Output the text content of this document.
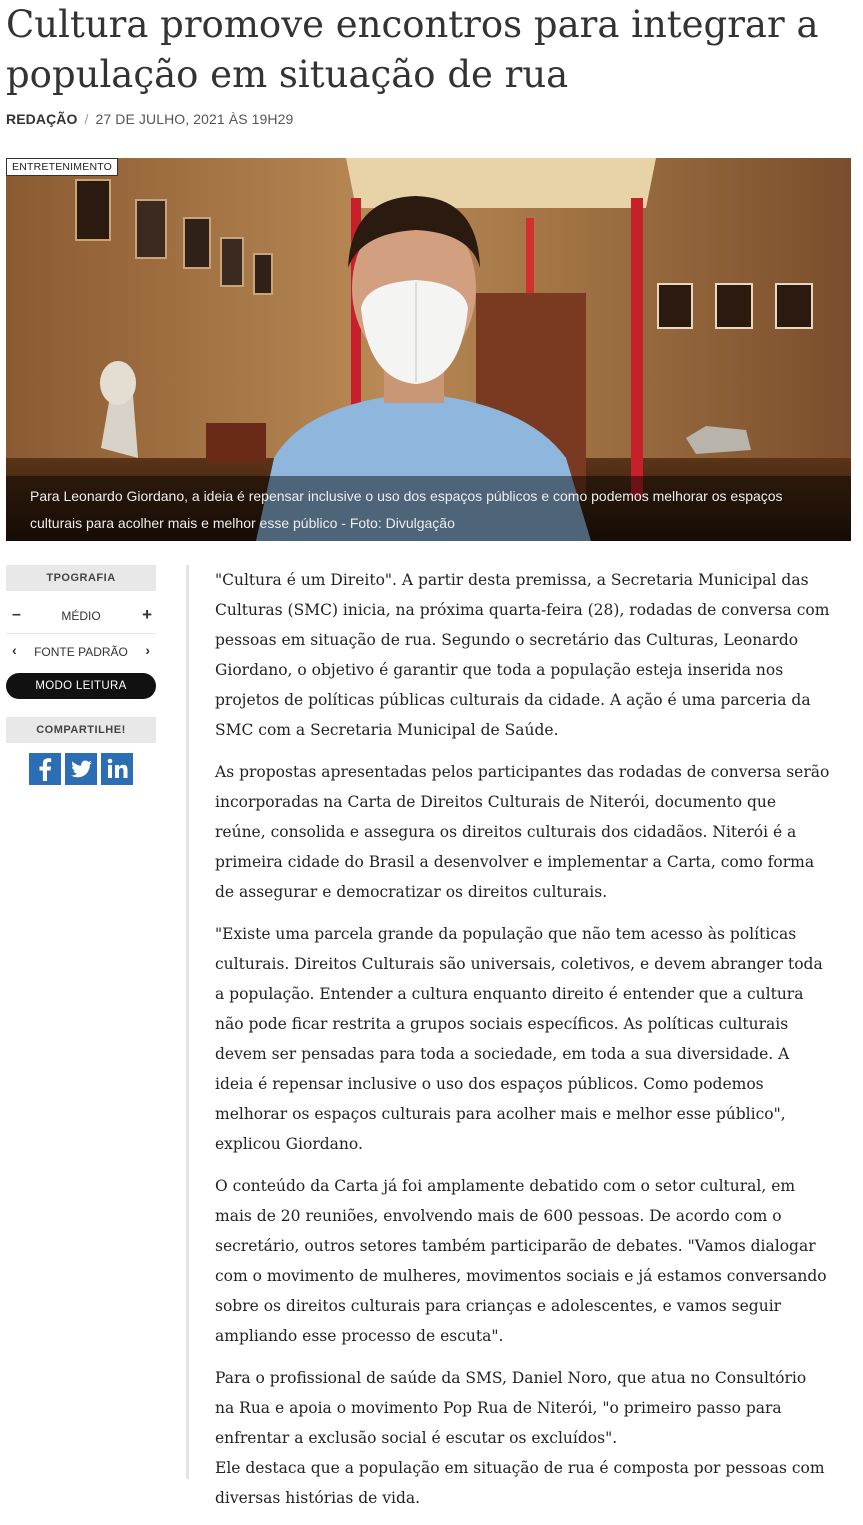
Cultura promove encontros para integrar a população em situação de rua
REDAÇÃO / 27 DE JULHO, 2021 ÀS 19H29
ENTRETENIMENTO
Para Leonardo Giordano, a ideia é repensar inclusive o uso dos espaços públicos e como podemos melhorar os espaços culturais para acolher mais e melhor esse público - Foto: Divulgação
TPOGRAFIA
–	MÉDIO	+
‹	FONTE PADRÃO	›
MODO LEITURA
COMPARTILHE!

"Cultura é um Direito". A partir desta premissa, a Secretaria Municipal das Culturas (SMC) inicia, na próxima quarta-feira (28), rodadas de conversa com pessoas em situação de rua. Segundo o secretário das Culturas, Leonardo Giordano, o objetivo é garantir que toda a população esteja inserida nos projetos de políticas públicas culturais da cidade. A ação é uma parceria da SMC com a Secretaria Municipal de Saúde.

As propostas apresentadas pelos participantes das rodadas de conversa serão incorporadas na Carta de Direitos Culturais de Niterói, documento que reúne, consolida e assegura os direitos culturais dos cidadãos. Niterói é a primeira cidade do Brasil a desenvolver e implementar a Carta, como forma de assegurar e democratizar os direitos culturais.

"Existe uma parcela grande da população que não tem acesso às políticas culturais. Direitos Culturais são universais, coletivos, e devem abranger toda a população. Entender a cultura enquanto direito é entender que a cultura não pode ficar restrita a grupos sociais específicos. As políticas culturais devem ser pensadas para toda a sociedade, em toda a sua diversidade. A ideia é repensar inclusive o uso dos espaços públicos. Como podemos melhorar os espaços culturais para acolher mais e melhor esse público", explicou Giordano.

O conteúdo da Carta já foi amplamente debatido com o setor cultural, em mais de 20 reuniões, envolvendo mais de 600 pessoas. De acordo com o secretário, outros setores também participarão de debates. "Vamos dialogar com o movimento de mulheres, movimentos sociais e já estamos conversando sobre os direitos culturais para crianças e adolescentes, e vamos seguir ampliando esse processo de escuta".

Para o profissional de saúde da SMS, Daniel Noro, que atua no Consultório na Rua e apoia o movimento Pop Rua de Niterói, "o primeiro passo para enfrentar a exclusão social é escutar os excluídos".

Ele destaca que a população em situação de rua é composta por pessoas com diversas histórias de vida.
